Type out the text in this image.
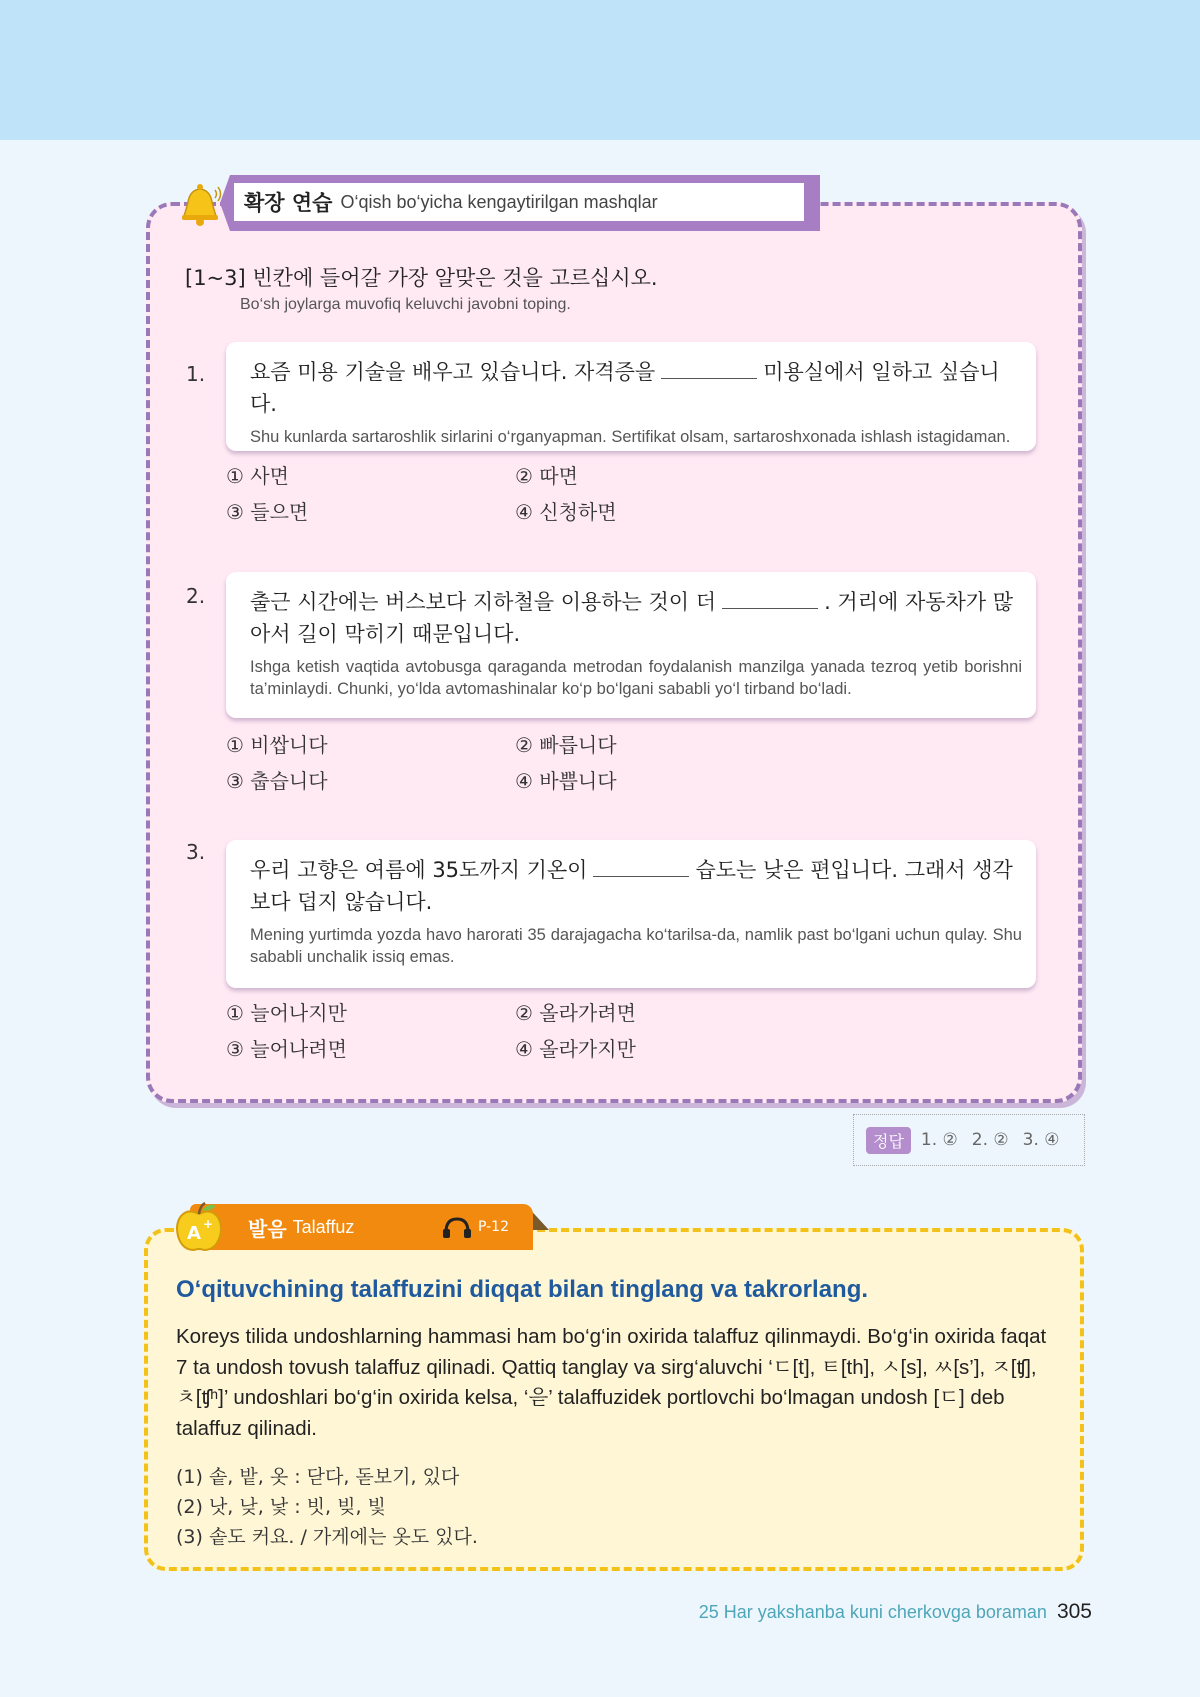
확장 연습 O‘qish bo‘yicha kengaytirilgan mashqlar
[1~3] 빈칸에 들어갈 가장 알맞은 것을 고르십시오.
Bo‘sh joylarga muvofiq keluvchi javobni toping.
1. 요즘 미용 기술을 배우고 있습니다. 자격증을	미용실에서 일하고 싶습니다.
Shu kunlarda sartaroshlik sirlarini o‘rganyapman. Sertifikat olsam, sartaroshxonada ishlash istagidaman.
① 사면	② 따면
③ 들으면	④ 신청하면
2. 출근 시간에는 버스보다 지하철을 이용하는 것이 더	. 거리에 자동차가 많아서 길이 막히기 때문입니다.
Ishga ketish vaqtida avtobusga qaraganda metrodan foydalanish manzilga yanada tezroq yetib borishni ta’minlaydi. Chunki, yo‘lda avtomashinalar ko‘p bo‘lgani sababli yo‘l tirband bo‘ladi.
① 비쌉니다	② 빠릅니다
③ 춥습니다	④ 바쁩니다
3.
우리 고향은 여름에 35도까지 기온이	습도는 낮은 편입니다. 그래서 생각보다 덥지 않습니다.
Mening yurtimda yozda havo harorati 35 darajagacha ko‘tarilsa-da, namlik past bo‘lgani uchun qulay. Shu sababli unchalik issiq emas.
① 늘어나지만	② 올라가려면
③ 늘어나려면	④ 올라가지만
정답	1. ② 2. ② 3. ④
발음 Talaffuz	P-12
A +
O‘qituvchining talaffuzini diqqat bilan tinglang va takrorlang.
Koreys tilida undoshlarning hammasi ham bo‘g‘in oxirida talaffuz qilinmaydi. Bo‘g‘in oxirida faqat 7 ta undosh tovush talaffuz qilinadi. Qattiq tanglay va sirg‘aluvchi ‘ㄷ[t], ㅌ[th], ㅅ[s], ㅆ[s’], ㅈ[ʧ], ㅊ[ʧʰ]’ undoshlari bo‘g‘in oxirida kelsa, ‘읃’ talaffuzidek portlovchi bo‘lmagan undosh [ㄷ] deb talaffuz qilinadi.
(1) 솥, 밭, 옷 : 닫다, 돋보기, 있다
(2) 낫, 낮, 낯 : 빗, 빚, 빛
(3) 솥도 커요. / 가게에는 옷도 있다.
25 Har yakshanba kuni cherkovga boraman 305
